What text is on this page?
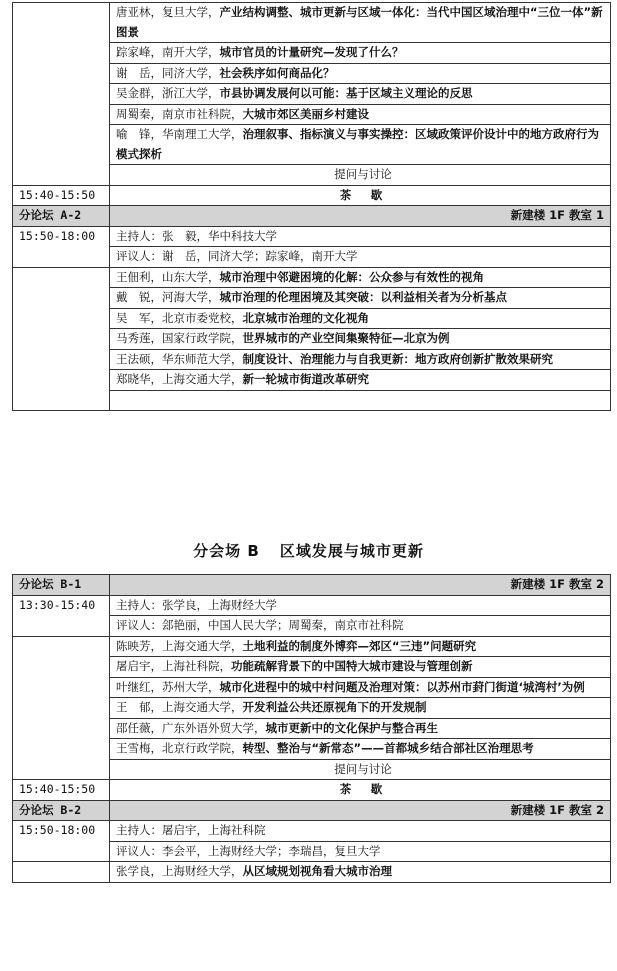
	唐亚林，复旦大学，产业结构调整、城市更新与区域一体化：当代中国区域治理中“三位一体”新图景
	踪家峰，南开大学，城市官员的计量研究—发现了什么？
	谢　岳，同济大学，社会秩序如何商品化？
	吴金群，浙江大学，市县协调发展何以可能：基于区域主义理论的反思
	周蜀秦，南京市社科院，大城市郊区美丽乡村建设
	喻　锋，华南理工大学，治理叙事、指标演义与事实操控：区域政策评价设计中的地方政府行为模式探析
	提问与讨论
15:40-15:50	茶　歇
分论坛 A-2	新建楼 1F 教室 1
15:50-18:00	主持人：张　毅，华中科技大学
	评议人：谢　岳，同济大学；踪家峰，南开大学
	王佃利，山东大学，城市治理中邻避困境的化解：公众参与有效性的视角
	戴　锐，河海大学，城市治理的伦理困境及其突破：以利益相关者为分析基点
	吴　军，北京市委党校，北京城市治理的文化视角
	马秀莲，国家行政学院，世界城市的产业空间集聚特征—北京为例
	王法硕，华东师范大学，制度设计、治理能力与自我更新：地方政府创新扩散效果研究
	郑晓华，上海交通大学，新一轮城市街道改革研究

分会场 B 区域发展与城市更新
分论坛 B-1	新建楼 1F 教室 2
13:30-15:40	主持人：张学良，上海财经大学
	评议人：郐艳丽，中国人民大学；周蜀秦，南京市社科院
	陈映芳，上海交通大学，土地利益的制度外博弈—郊区“三违”问题研究
	屠启宇，上海社科院，功能疏解背景下的中国特大城市建设与管理创新
	叶继红，苏州大学，城市化进程中的城中村问题及治理对策：以苏州市葑门街道‘城湾村’为例
	王　郁，上海交通大学，开发利益公共还原视角下的开发规制
	邵任薇，广东外语外贸大学，城市更新中的文化保护与整合再生
	王雪梅，北京行政学院，转型、整治与“新常态”——首都城乡结合部社区治理思考
	提问与讨论
15:40-15:50	茶　歇
分论坛 B-2	新建楼 1F 教室 2
15:50-18:00	主持人：屠启宇，上海社科院
	评议人：李会平，上海财经大学；李瑞昌，复旦大学
	张学良，上海财经大学，从区域规划视角看大城市治理
